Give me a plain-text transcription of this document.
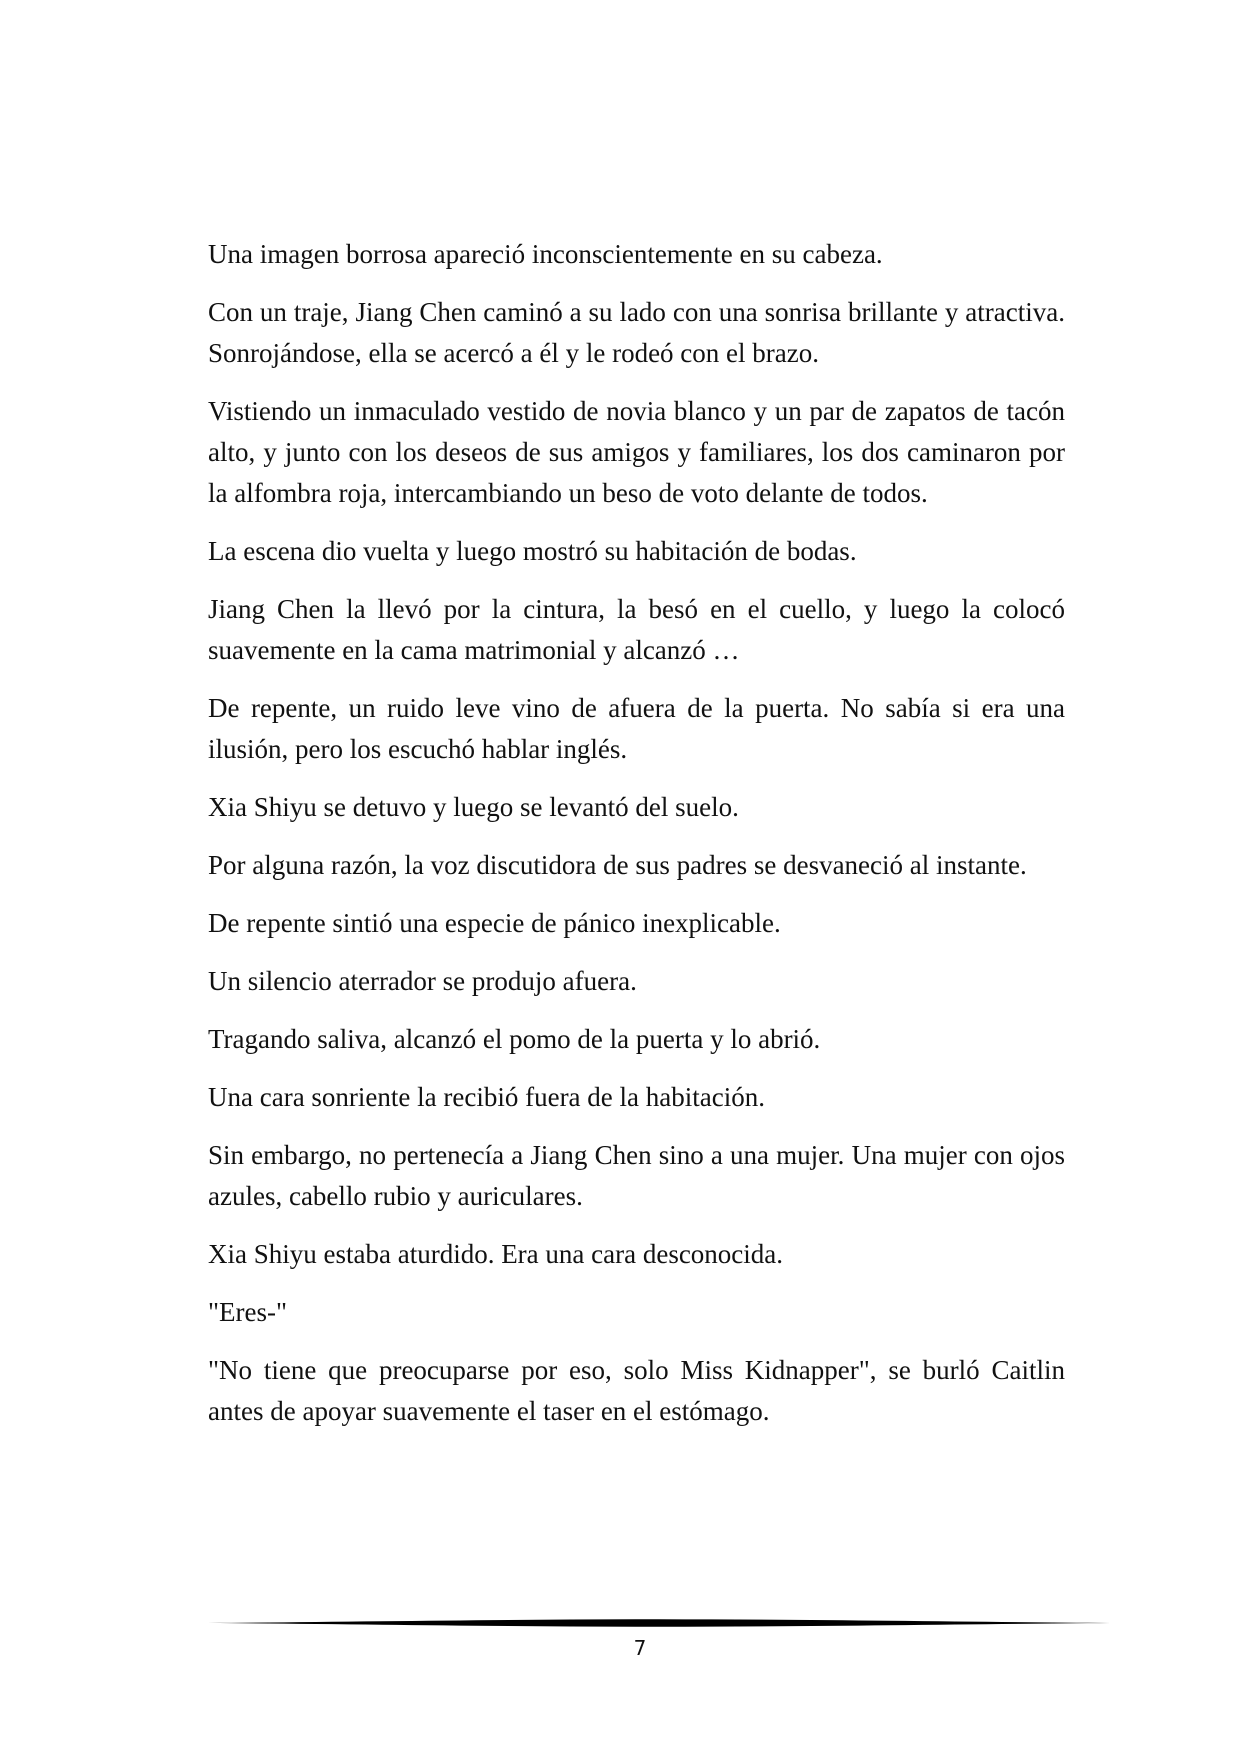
Una imagen borrosa apareció inconscientemente en su cabeza.

Con un traje, Jiang Chen caminó a su lado con una sonrisa brillante y atractiva. Sonrojándose, ella se acercó a él y le rodeó con el brazo.

Vistiendo un inmaculado vestido de novia blanco y un par de zapatos de tacón alto, y junto con los deseos de sus amigos y familiares, los dos caminaron por la alfombra roja, intercambiando un beso de voto delante de todos.

La escena dio vuelta y luego mostró su habitación de bodas.

Jiang Chen la llevó por la cintura, la besó en el cuello, y luego la colocó suavemente en la cama matrimonial y alcanzó …

De repente, un ruido leve vino de afuera de la puerta. No sabía si era una ilusión, pero los escuchó hablar inglés.

Xia Shiyu se detuvo y luego se levantó del suelo.

Por alguna razón, la voz discutidora de sus padres se desvaneció al instante.

De repente sintió una especie de pánico inexplicable.

Un silencio aterrador se produjo afuera.

Tragando saliva, alcanzó el pomo de la puerta y lo abrió.

Una cara sonriente la recibió fuera de la habitación.

Sin embargo, no pertenecía a Jiang Chen sino a una mujer. Una mujer con ojos azules, cabello rubio y auriculares.

Xia Shiyu estaba aturdido. Era una cara desconocida.

"Eres-"

"No tiene que preocuparse por eso, solo Miss Kidnapper", se burló Caitlin antes de apoyar suavemente el taser en el estómago.

7
